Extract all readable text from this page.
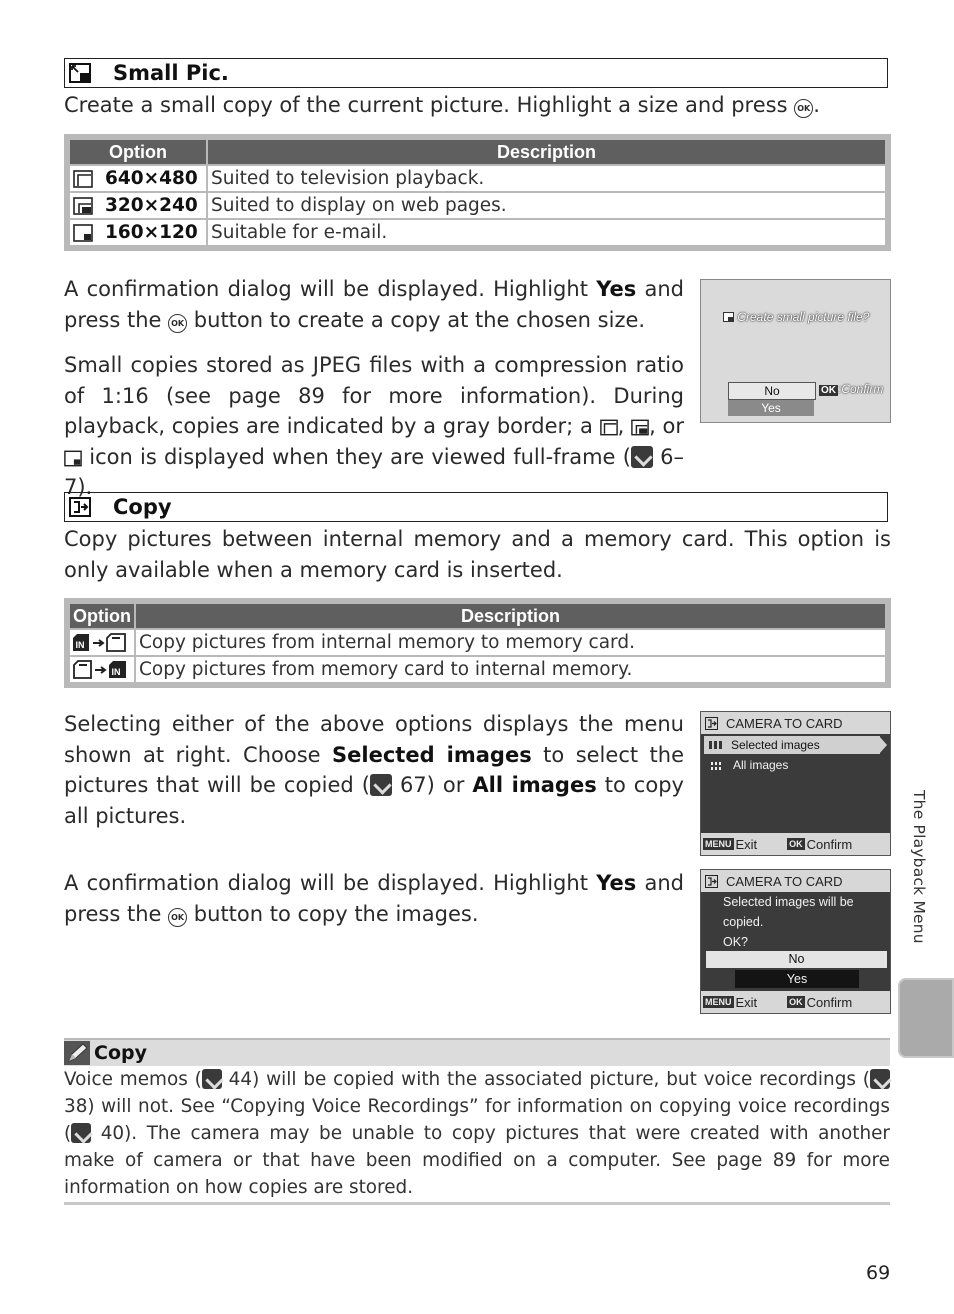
Small Pic.
Create a small copy of the current picture. Highlight a size and press OK .
Option	Description
640×480	Suited to television playback.
320×240	Suited to display on web pages.
160×120	Suitable for e-mail.
A confirmation dialog will be displayed. Highlight Yes and press the OK button to create a copy at the chosen size.
Small copies stored as JPEG files with a compression ratio of 1:16 (see page 89 for more information). During playback, copies are indicated by a gray border; a , , or  icon is displayed when they are viewed full-frame ( 6–7).
Create small picture file?
No
Yes
OK :Confirm
Copy
Copy pictures between internal memory and a memory card. This option is only available when a memory card is inserted.
Option	Description

IN	Copy pictures from internal memory to memory card.

IN	Copy pictures from memory card to internal memory.
Selecting either of the above options displays the menu shown at right. Choose Selected images to select the pictures that will be copied ( 67) or All images to copy all pictures.
A confirmation dialog will be displayed. Highlight Yes and press the OK button to copy the images.
CAMERA TO CARD
Selected images
All images
MENU Exit	OK Confirm
CAMERA TO CARD
Selected images will be copied.
OK?
No
Yes
MENU Exit	OK Confirm
Copy
Voice memos ( 44) will be copied with the associated picture, but voice recordings ( 38) will not. See “Copying Voice Recordings” for information on copying voice recordings ( 40). The camera may be unable to copy pictures that were created with another make of camera or that have been modified on a computer. See page 89 for more information on how copies are stored.
The Playback Menu
69
